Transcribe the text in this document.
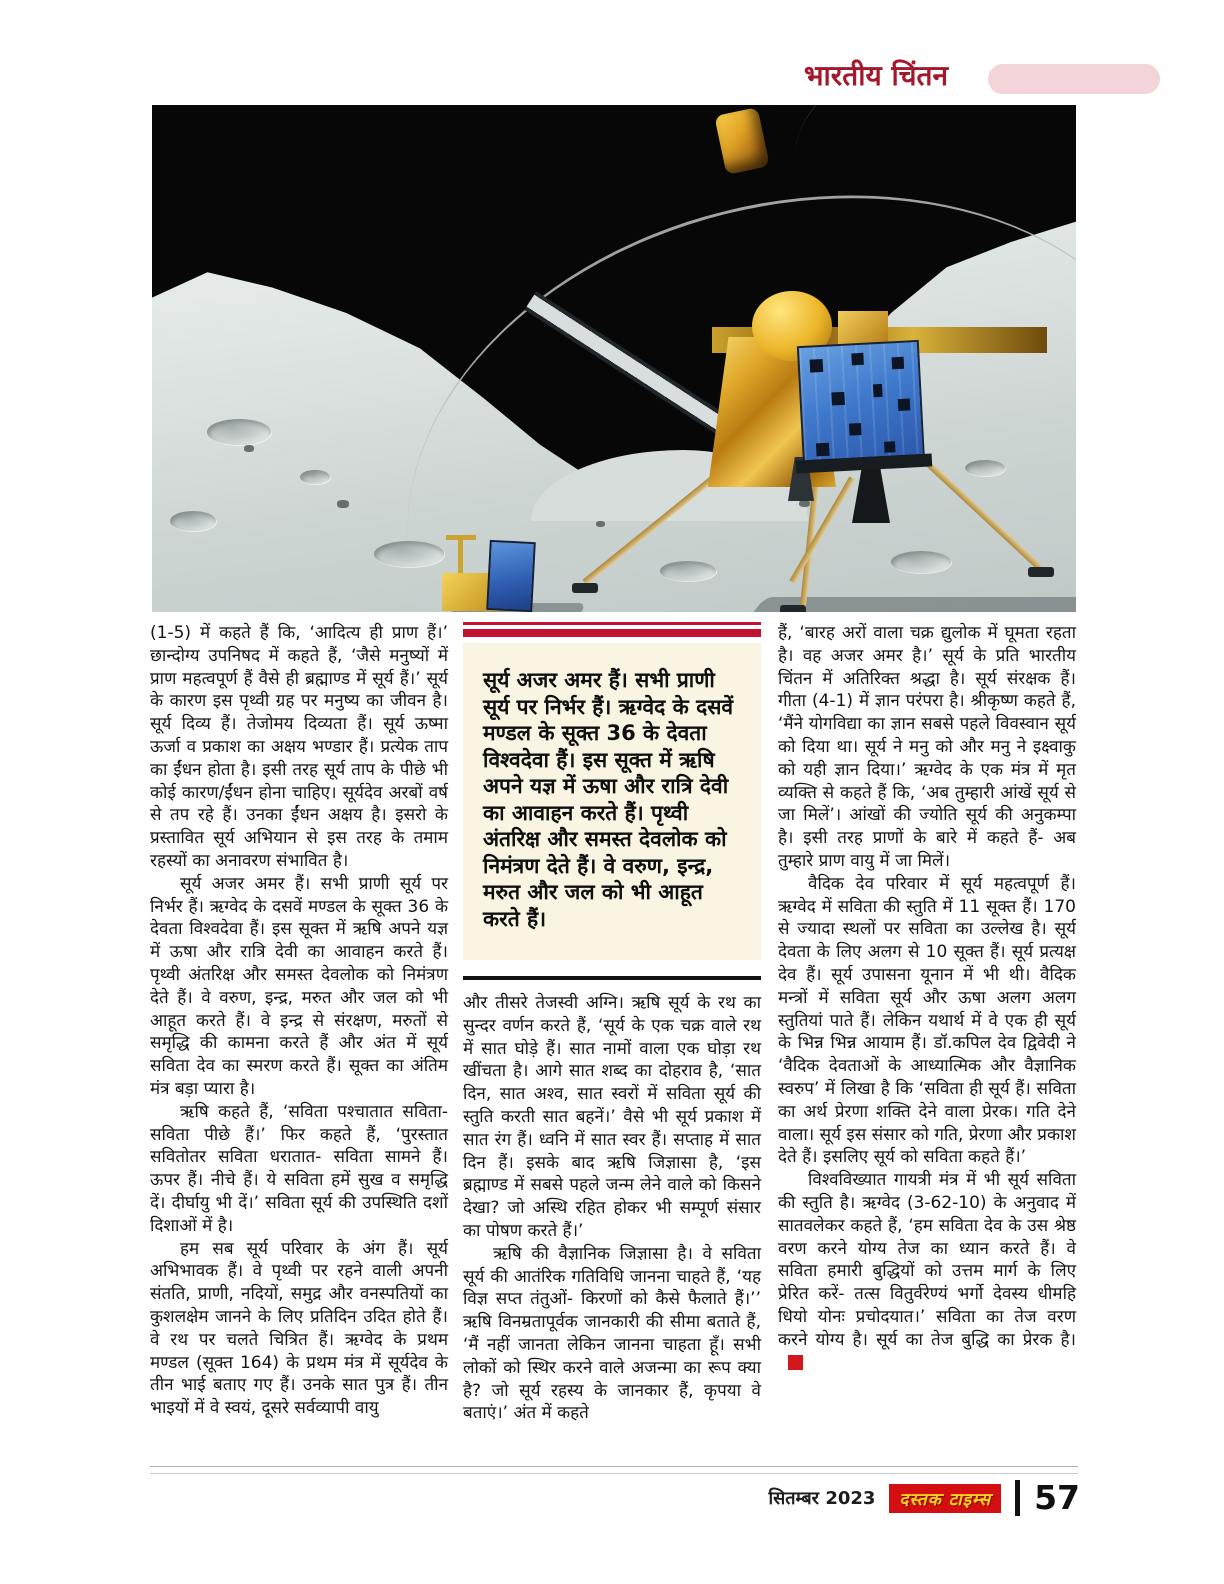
भारतीय चिंतन

(1-5) में कहते हैं कि, ‘आदित्य ही प्राण हैं।’ छान्दोग्य उपनिषद में कहते हैं, ‘जैसे मनुष्यों में प्राण महत्वपूर्ण हैं वैसे ही ब्रह्माण्ड में सूर्य हैं।’ सूर्य के कारण इस पृथ्वी ग्रह पर मनुष्य का जीवन है। सूर्य दिव्य हैं। तेजोमय दिव्यता हैं। सूर्य ऊष्मा ऊर्जा व प्रकाश का अक्षय भण्डार हैं। प्रत्येक ताप का ईंधन होता है। इसी तरह सूर्य ताप के पीछे भी कोई कारण/ईंधन होना चाहिए। सूर्यदेव अरबों वर्ष से तप रहे हैं। उनका ईंधन अक्षय है। इसरो के प्रस्तावित सूर्य अभियान से इस तरह के तमाम रहस्यों का अनावरण संभावित है।

सूर्य अजर अमर हैं। सभी प्राणी सूर्य पर निर्भर हैं। ऋग्वेद के दसवें मण्डल के सूक्त 36 के देवता विश्वदेवा हैं। इस सूक्त में ऋषि अपने यज्ञ में ऊषा और रात्रि देवी का आवाहन करते हैं। पृथ्वी अंतरिक्ष और समस्त देवलोक को निमंत्रण देते हैं। वे वरुण, इन्द्र, मरुत और जल को भी आहूत करते हैं। वे इन्द्र से संरक्षण, मरुतों से समृद्धि की कामना करते हैं और अंत में सूर्य सविता देव का स्मरण करते हैं। सूक्त का अंतिम मंत्र बड़ा प्यारा है।

ऋषि कहते हैं, ‘सविता पश्चातात सविता- सविता पीछे हैं।’ फिर कहते हैं, ‘पुरस्तात सवितोतर सविता धरातात- सविता सामने हैं। ऊपर हैं। नीचे हैं। ये सविता हमें सुख व समृद्धि दें। दीर्घायु भी दें।’ सविता सूर्य की उपस्थिति दशों दिशाओं में है।

हम सब सूर्य परिवार के अंग हैं। सूर्य अभिभावक हैं। वे पृथ्वी पर रहने वाली अपनी संतति, प्राणी, नदियों, समुद्र और वनस्पतियों का कुशलक्षेम जानने के लिए प्रतिदिन उदित होते हैं। वे रथ पर चलते चित्रित हैं। ऋग्वेद के प्रथम मण्डल (सूक्त 164) के प्रथम मंत्र में सूर्यदेव के तीन भाई बताए गए हैं। उनके सात पुत्र हैं। तीन भाइयों में वे स्वयं, दूसरे सर्वव्यापी वायु

सूर्य अजर अमर हैं। सभी प्राणी सूर्य पर निर्भर हैं। ऋग्वेद के दसवें मण्डल के सूक्त 36 के देवता विश्वदेवा हैं। इस सूक्त में ऋषि अपने यज्ञ में ऊषा और रात्रि देवी का आवाहन करते हैं। पृथ्वी अंतरिक्ष और समस्त देवलोक को निमंत्रण देते हैं। वे वरुण, इन्द्र, मरुत और जल को भी आहूत करते हैं।

और तीसरे तेजस्वी अग्नि। ऋषि सूर्य के रथ का सुन्दर वर्णन करते हैं, ‘सूर्य के एक चक्र वाले रथ में सात घोड़े हैं। सात नामों वाला एक घोड़ा रथ खींचता है। आगे सात शब्द का दोहराव है, ‘सात दिन, सात अश्व, सात स्वरों में सविता सूर्य की स्तुति करती सात बहनें।’ वैसे भी सूर्य प्रकाश में सात रंग हैं। ध्वनि में सात स्वर हैं। सप्ताह में सात दिन हैं। इसके बाद ऋषि जिज्ञासा है, ‘इस ब्रह्माण्ड में सबसे पहले जन्म लेने वाले को किसने देखा? जो अस्थि रहित होकर भी सम्पूर्ण संसार का पोषण करते हैं।’

ऋषि की वैज्ञानिक जिज्ञासा है। वे सविता सूर्य की आतंरिक गतिविधि जानना चाहते हैं, ‘यह विज्ञ सप्त तंतुओं- किरणों को कैसे फैलाते हैं।’’ ऋषि विनम्रतापूर्वक जानकारी की सीमा बताते हैं, ‘मैं नहीं जानता लेकिन जानना चाहता हूँ। सभी लोकों को स्थिर करने वाले अजन्मा का रूप क्या है? जो सूर्य रहस्य के जानकार हैं, कृपया वे बताएं।’ अंत में कहते

हैं, ‘बारह अरों वाला चक्र द्युलोक में घूमता रहता है। वह अजर अमर है।’ सूर्य के प्रति भारतीय चिंतन में अतिरिक्त श्रद्धा है। सूर्य संरक्षक हैं। गीता (4-1) में ज्ञान परंपरा है। श्रीकृष्ण कहते हैं, ‘मैंने योगविद्या का ज्ञान सबसे पहले विवस्वान सूर्य को दिया था। सूर्य ने मनु को और मनु ने इक्ष्वाकु को यही ज्ञान दिया।’ ऋग्वेद के एक मंत्र में मृत व्यक्ति से कहते हैं कि, ‘अब तुम्हारी आंखें सूर्य से जा मिलें’। आंखों की ज्योति सूर्य की अनुकम्पा है। इसी तरह प्राणों के बारे में कहते हैं- अब तुम्हारे प्राण वायु में जा मिलें।

वैदिक देव परिवार में सूर्य महत्वपूर्ण हैं। ऋग्वेद में सविता की स्तुति में 11 सूक्त हैं। 170 से ज्यादा स्थलों पर सविता का उल्लेख है। सूर्य देवता के लिए अलग से 10 सूक्त हैं। सूर्य प्रत्यक्ष देव हैं। सूर्य उपासना यूनान में भी थी। वैदिक मन्त्रों में सविता सूर्य और ऊषा अलग अलग स्तुतियां पाते हैं। लेकिन यथार्थ में वे एक ही सूर्य के भिन्न भिन्न आयाम हैं। डॉ.कपिल देव द्विवेदी ने ‘वैदिक देवताओं के आध्यात्मिक और वैज्ञानिक स्वरुप’ में लिखा है कि ‘सविता ही सूर्य हैं। सविता का अर्थ प्रेरणा शक्ति देने वाला प्रेरक। गति देने वाला। सूर्य इस संसार को गति, प्रेरणा और प्रकाश देते हैं। इसलिए सूर्य को सविता कहते हैं।’

विश्वविख्यात गायत्री मंत्र में भी सूर्य सविता की स्तुति है। ऋग्वेद (3-62-10) के अनुवाद में सातवलेकर कहते हैं, ‘हम सविता देव के उस श्रेष्ठ वरण करने योग्य तेज का ध्यान करते हैं। वे सविता हमारी बुद्धियों को उत्तम मार्ग के लिए प्रेरित करें- तत्स वितुर्वरेण्यं भर्गो देवस्य धीमहि धियो योनः प्रचोदयात।’ सविता का तेज वरण करने योग्य है। सूर्य का तेज बुद्धि का प्रेरक है।

सितम्बर 2023	दस्तक टाइम्स	57
